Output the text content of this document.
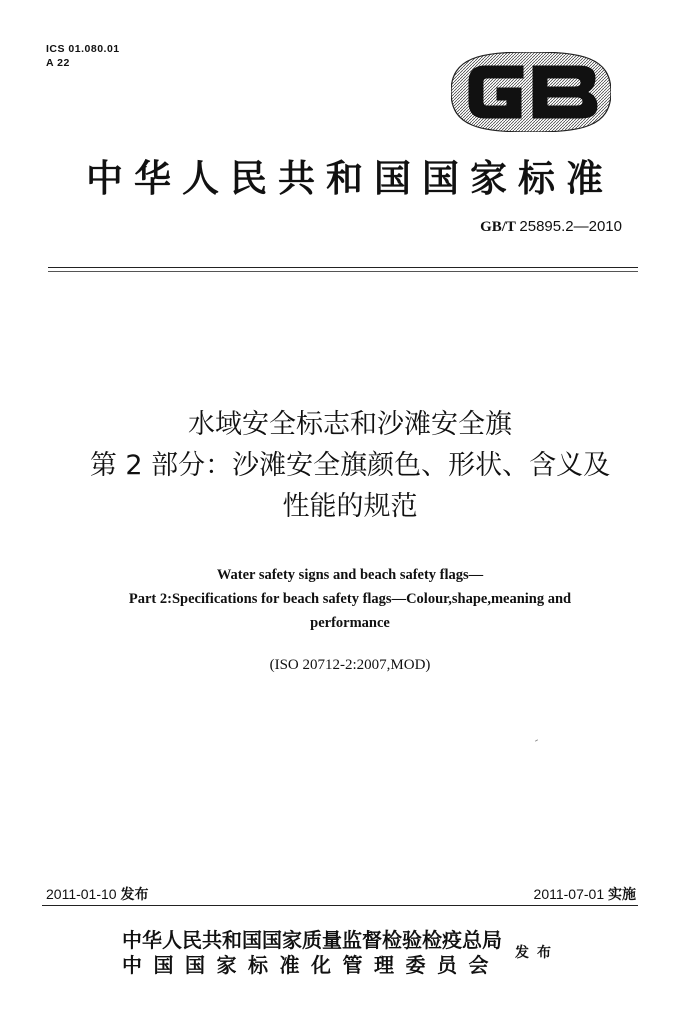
ICS 01.080.01
A 22
中华人民共和国国家标准
GB/T 25895.2—2010
水域安全标志和沙滩安全旗
第 2 部分：沙滩安全旗颜色、形状、含义及
性能的规范
Water safety signs and beach safety flags—
Part 2:Specifications for beach safety flags—Colour,shape,meaning and
performance
(ISO 20712-2:2007,MOD)
2011-01-10 发布	2011-07-01 实施
中华人民共和国国家质量监督检验检疫总局
中国国家标准化管理委员会 发布
